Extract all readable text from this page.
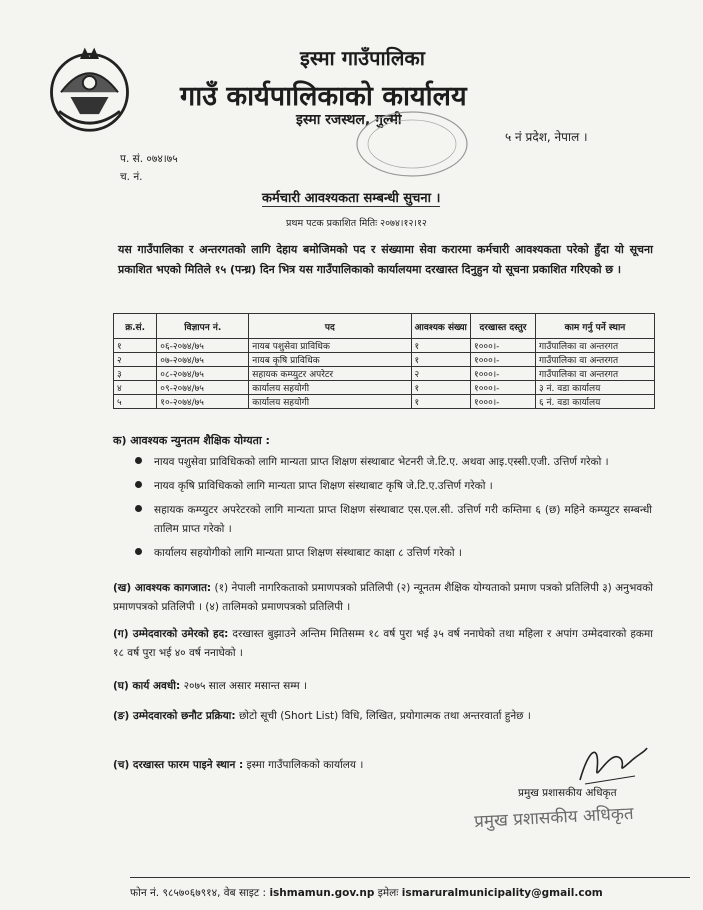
इस्मा गाउँपालिका
गाउँ कार्यपालिकाको कार्यालय
इस्मा रजस्थल, गुल्मी
५ नं प्रदेश, नेपाल ।
प. सं. ०७४।७५
च. नं.
कर्मचारी आवश्यकता सम्बन्धी सुचना ।
प्रथम पटक प्रकाशित मितिः २०७४।१२।१२
यस गाउँपालिका र अन्तरगतको लागि देहाय बमोजिमको पद र संख्यामा सेवा करारमा कर्मचारी आवश्यकता परेको हुँदा यो सूचना प्रकाशित भएको मितिले १५ (पन्ध्र) दिन भित्र यस गाउँपालिकाको कार्यालयमा दरखास्त दिनुहुन यो सूचना प्रकाशित गरिएको छ ।
क्र.सं.	विज्ञापन नं.	पद	आवश्यक संख्या	दरखास्त दस्तुर	काम गर्नु पर्ने स्थान
१	०६-२०७४/७५	नायब पशुसेवा प्राविधिक	१	१०००।-	गाउँपालिका वा अन्तरगत
२	०७-२०७४/७५	नायब कृषि प्राविधिक	१	१०००।-	गाउँपालिका वा अन्तरगत
३	०८-२०७४/७५	सहायक कम्प्युटर अपरेटर	२	१०००।-	गाउँपालिका वा अन्तरगत
४	०९-२०७४/७५	कार्यालय सहयोगी	१	१०००।-	३ नं. वडा कार्यालय
५	१०-२०७४/७५	कार्यालय सहयोगी	१	१०००।-	६ नं. वडा कार्यालय
क) आवश्यक न्युनतम शैक्षिक योग्यता :
नायव पशुसेवा प्राविधिकको लागि मान्यता प्राप्त शिक्षण संस्थाबाट भेटनरी जे.टि.ए. अथवा आइ.एस्सी.एजी. उत्तिर्ण गरेको ।
नायव कृषि प्राविधिकको लागि मान्यता प्राप्त शिक्षण संस्थाबाट कृषि जे.टि.ए.उत्तिर्ण गरेको ।
सहायक कम्प्युटर अपरेटरको लागि मान्यता प्राप्त शिक्षण संस्थाबाट एस.एल.सी. उत्तिर्ण गरी कम्तिमा ६ (छ) महिने कम्प्युटर सम्बन्धी तालिम प्राप्त गरेको ।
कार्यालय सहयोगीको लागि मान्यता प्राप्त शिक्षण संस्थाबाट काक्षा ८ उत्तिर्ण गरेको ।
(ख) आवश्यक कागजात: (१) नेपाली नागरिकताको प्रमाणपत्रको प्रतिलिपी (२) न्यूनतम शैक्षिक योग्यताको प्रमाण पत्रको प्रतिलिपी ३) अनुभवको प्रमाणपत्रको प्रतिलिपी । (४) तालिमको प्रमाणपत्रको प्रतिलिपी ।
(ग) उम्मेदवारको उमेरको हद: दरखास्त बुझाउने अन्तिम मितिसम्म १८ वर्ष पुरा भई ३५ वर्ष ननाघेको तथा महिला र अपांग उम्मेदवारको हकमा १८ वर्ष पुरा भई ४० वर्ष ननाघेको ।
(घ) कार्य अवधी: २०७५ साल असार मसान्त सम्म ।
(ङ) उम्मेदवारको छनौट प्रक्रिया: छोटो सूची (Short List) विधि, लिखित, प्रयोगात्मक तथा अन्तरवार्ता हुनेछ ।
(च) दरखास्त फारम पाइने स्थान : इस्मा गाउँपालिकको कार्यालय ।
प्रमुख प्रशासकीय अधिकृत
प्रमुख प्रशासकीय अधिकृत
फोन नं. ९८५७०६७९१४, वेब साइट : ishmamun.gov.np इमेलः ismaruralmunicipality@gmail.com
